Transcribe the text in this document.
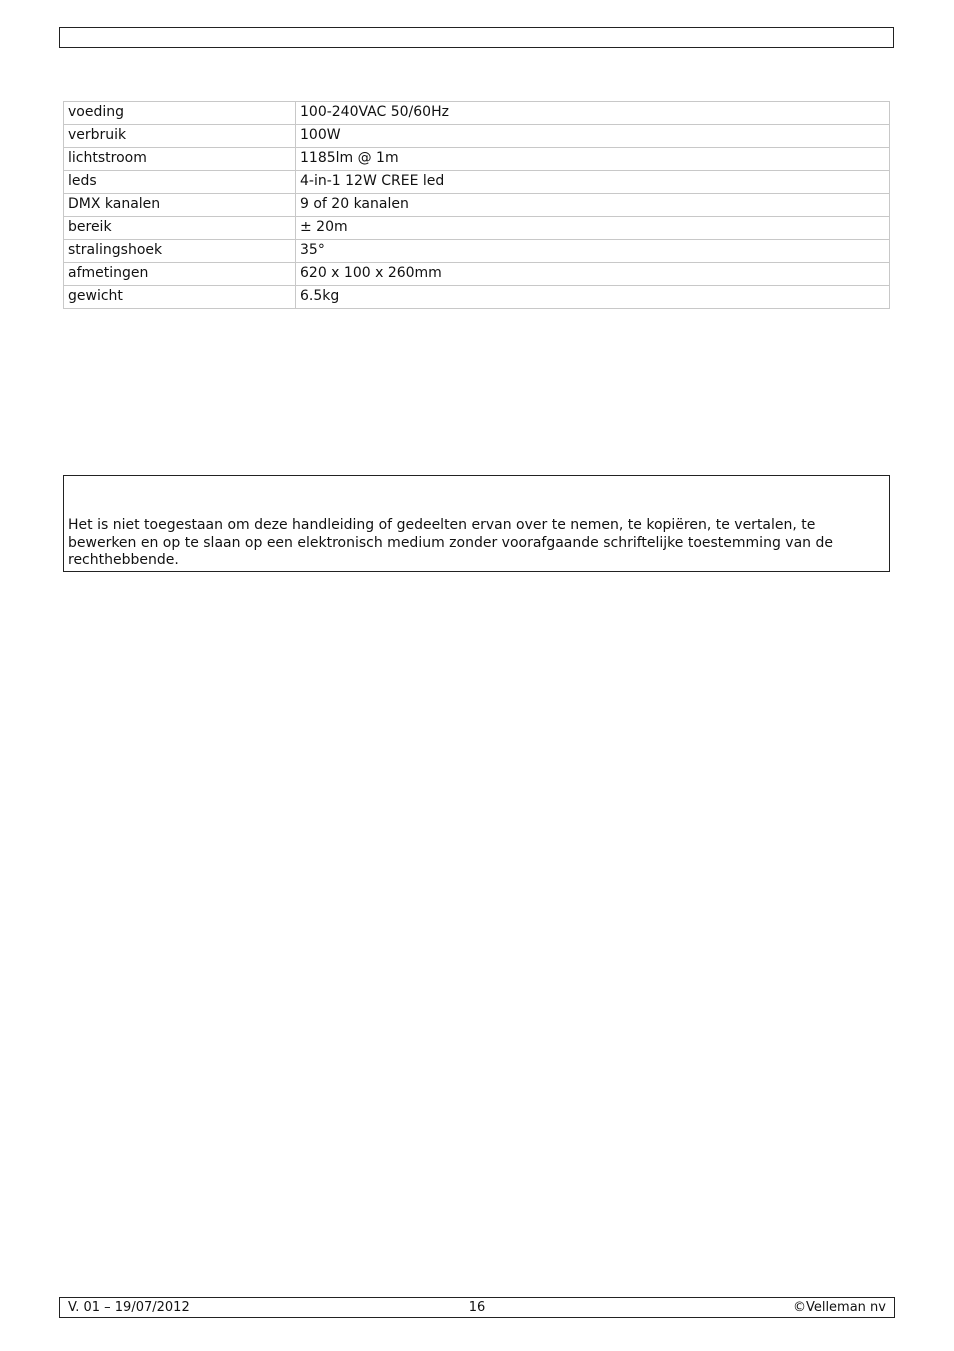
voeding	100-240VAC 50/60Hz
verbruik	100W
lichtstroom	1185lm @ 1m
leds	4-in-1 12W CREE led
DMX kanalen	9 of 20 kanalen
bereik	± 20m
stralingshoek	35°
afmetingen	620 x 100 x 260mm
gewicht	6.5kg
Het is niet toegestaan om deze handleiding of gedeelten ervan over te nemen, te kopiëren, te vertalen, te bewerken en op te slaan op een elektronisch medium zonder voorafgaande schriftelijke toestemming van de rechthebbende.
V. 01 – 19/07/2012	16	©Velleman nv
